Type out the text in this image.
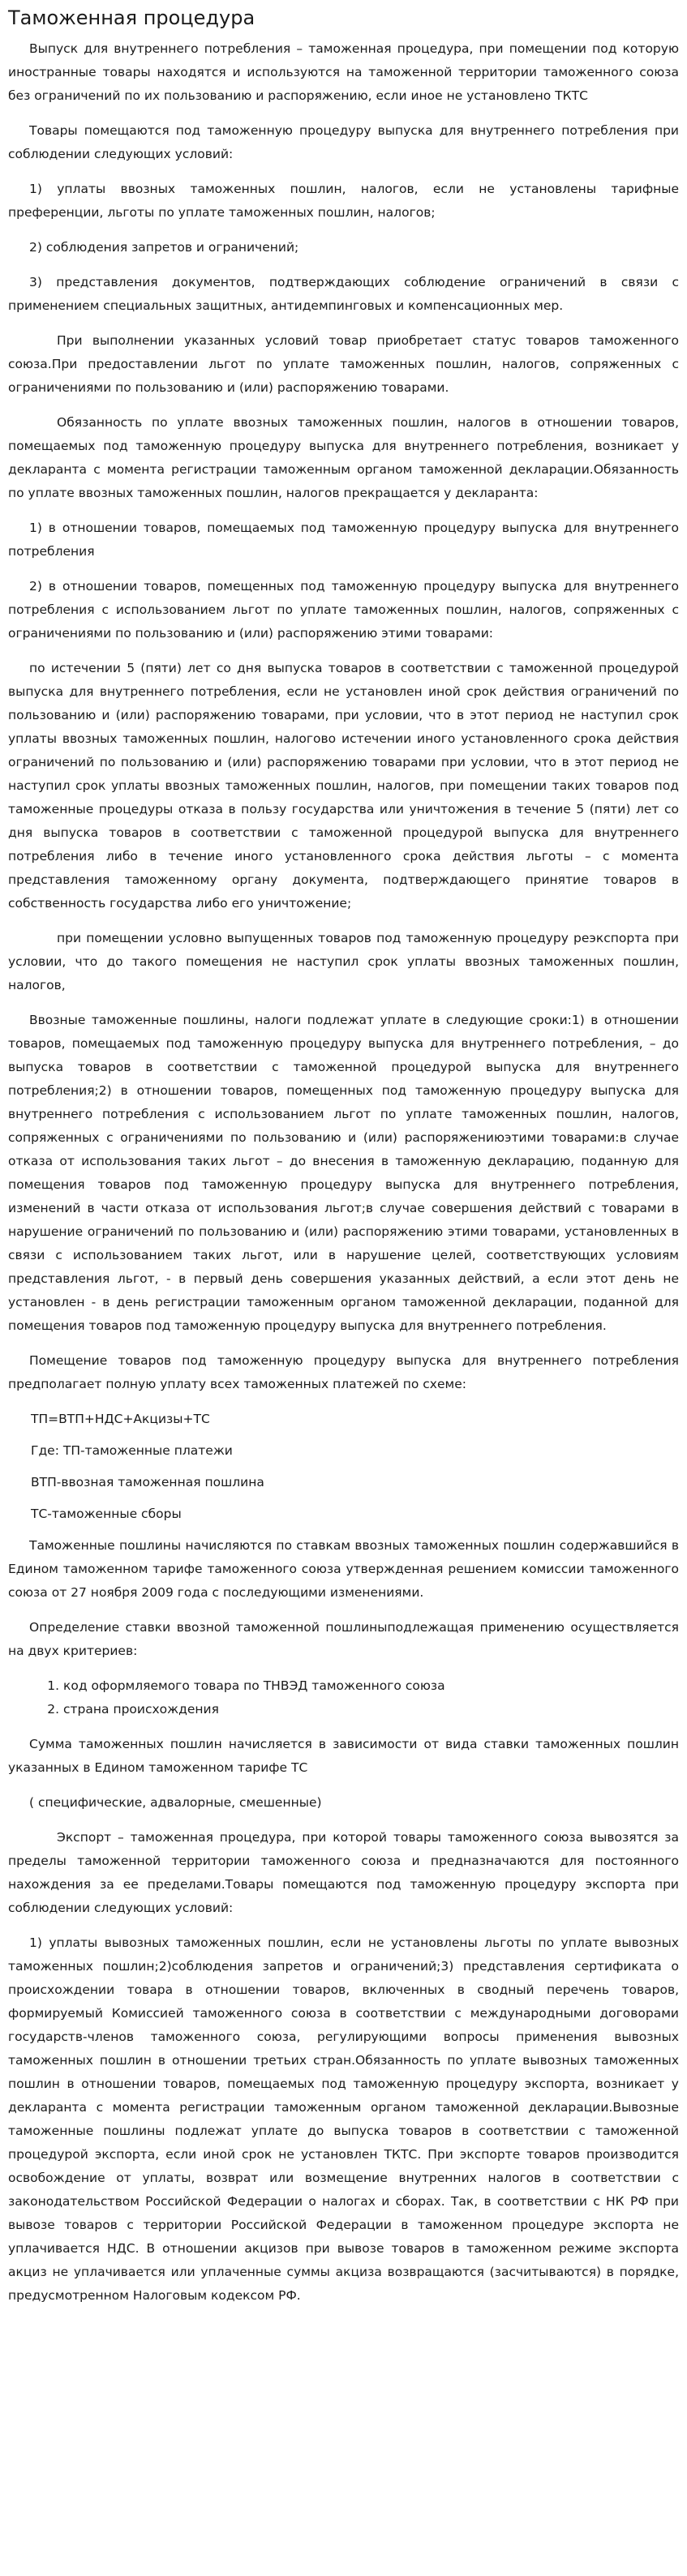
Таможенная процедура

Выпуск для внутреннего потребления – таможенная процедура, при помещении под которую иностранные товары находятся и используются на таможенной территории таможенного союза без ограничений по их пользованию и распоряжению, если иное не установлено ТКТС

Товары помещаются под таможенную процедуру выпуска для внутреннего потребления при соблюдении следующих условий:

1) уплаты ввозных таможенных пошлин, налогов, если не установлены тарифные преференции, льготы по уплате таможенных пошлин, налогов;

2) соблюдения запретов и ограничений;

3) представления документов, подтверждающих соблюдение ограничений в связи с применением специальных защитных, антидемпинговых и компенсационных мер.

При выполнении указанных условий товар приобретает статус товаров таможенного союза.При предоставлении льгот по уплате таможенных пошлин, налогов, сопряженных с ограничениями по пользованию и (или) распоряжению товарами.

Обязанность по уплате ввозных таможенных пошлин, налогов в отношении товаров, помещаемых под таможенную процедуру выпуска для внутреннего потребления, возникает у декларанта с момента регистрации таможенным органом таможенной декларации.Обязанность по уплате ввозных таможенных пошлин, налогов прекращается у декларанта:

1) в отношении товаров, помещаемых под таможенную процедуру выпуска для внутреннего потребления

2) в отношении товаров, помещенных под таможенную процедуру выпуска для внутреннего потребления с использованием льгот по уплате таможенных пошлин, налогов, сопряженных с ограничениями по пользованию и (или) распоряжению этими товарами:

по истечении 5 (пяти) лет со дня выпуска товаров в соответствии с таможенной процедурой выпуска для внутреннего потребления, если не установлен иной срок действия ограничений по пользованию и (или) распоряжению товарами, при условии, что в этот период не наступил срок уплаты ввозных таможенных пошлин, налогово истечении иного установленного срока действия ограничений по пользованию и (или) распоряжению товарами при условии, что в этот период не наступил срок уплаты ввозных таможенных пошлин, налогов, при помещении таких товаров под таможенные процедуры отказа в пользу государства или уничтожения в течение 5 (пяти) лет со дня выпуска товаров в соответствии с таможенной процедурой выпуска для внутреннего потребления либо в течение иного установленного срока действия льготы – с момента представления таможенному органу документа, подтверждающего принятие товаров в собственность государства либо его уничтожение;

при помещении условно выпущенных товаров под таможенную процедуру реэкспорта при условии, что до такого помещения не наступил срок уплаты ввозных таможенных пошлин, налогов,

Ввозные таможенные пошлины, налоги подлежат уплате в следующие сроки:1) в отношении товаров, помещаемых под таможенную процедуру выпуска для внутреннего потребления, – до выпуска товаров в соответствии с таможенной процедурой выпуска для внутреннего потребления;2) в отношении товаров, помещенных под таможенную процедуру выпуска для внутреннего потребления с использованием льгот по уплате таможенных пошлин, налогов, сопряженных с ограничениями по пользованию и (или) распоряжениюэтими товарами:в случае отказа от использования таких льгот – до внесения в таможенную декларацию, поданную для помещения товаров под таможенную процедуру выпуска для внутреннего потребления, изменений в части отказа от использования льгот;в случае совершения действий с товарами в нарушение ограничений по пользованию и (или) распоряжению этими товарами, установленных в связи с использованием таких льгот, или в нарушение целей, соответствующих условиям представления льгот, - в первый день совершения указанных действий, а если этот день не установлен - в день регистрации таможенным органом таможенной декларации, поданной для помещения товаров под таможенную процедуру выпуска для внутреннего потребления.

Помещение товаров под таможенную процедуру выпуска для внутреннего потребления предполагает полную уплату всех таможенных платежей по схеме:

ТП=ВТП+НДС+Акцизы+ТС

Где: ТП-таможенные платежи

ВТП-ввозная таможенная пошлина

ТС-таможенные сборы

Таможенные пошлины начисляются по ставкам ввозных таможенных пошлин содержавшийся в Едином таможенном тарифе таможенного союза утвержденная решением комиссии таможенного союза от 27 ноября 2009 года с последующими изменениями.

Определение ставки ввозной таможенной пошлиныподлежащая применению осуществляется на двух критериев:

1. код оформляемого товара по ТНВЭД таможенного союза
2. страна происхождения

Сумма таможенных пошлин начисляется в зависимости от вида ставки таможенных пошлин указанных в Едином таможенном тарифе ТС

( специфические, адвалорные, смешенные)

Экспорт – таможенная процедура, при которой товары таможенного союза вывозятся за пределы таможенной территории таможенного союза и предназначаются для постоянного нахождения за ее пределами.Товары помещаются под таможенную процедуру экспорта при соблюдении следующих условий:

1) уплаты вывозных таможенных пошлин, если не установлены льготы по уплате вывозных таможенных пошлин;2)соблюдения запретов и ограничений;3) представления сертификата о происхождении товара в отношении товаров, включенных в сводный перечень товаров, формируемый Комиссией таможенного союза в соответствии с международными договорами государств-членов таможенного союза, регулирующими вопросы применения вывозных таможенных пошлин в отношении третьих стран.Обязанность по уплате вывозных таможенных пошлин в отношении товаров, помещаемых под таможенную процедуру экспорта, возникает у декларанта с момента регистрации таможенным органом таможенной декларации.Вывозные таможенные пошлины подлежат уплате до выпуска товаров в соответствии с таможенной процедурой экспорта, если иной срок не установлен ТКТС. При экспорте товаров производится освобождение от уплаты, возврат или возмещение внутренних налогов в соответствии с законодательством Российской Федерации о налогах и сборах. Так, в соответствии с НК РФ при вывозе товаров с территории Российской Федерации в таможенном процедуре экспорта не уплачивается НДС. В отношении акцизов при вывозе товаров в таможенном режиме экспорта акциз не уплачивается или уплаченные суммы акциза возвращаются (засчитываются) в порядке, предусмотренном Налоговым кодексом РФ.
